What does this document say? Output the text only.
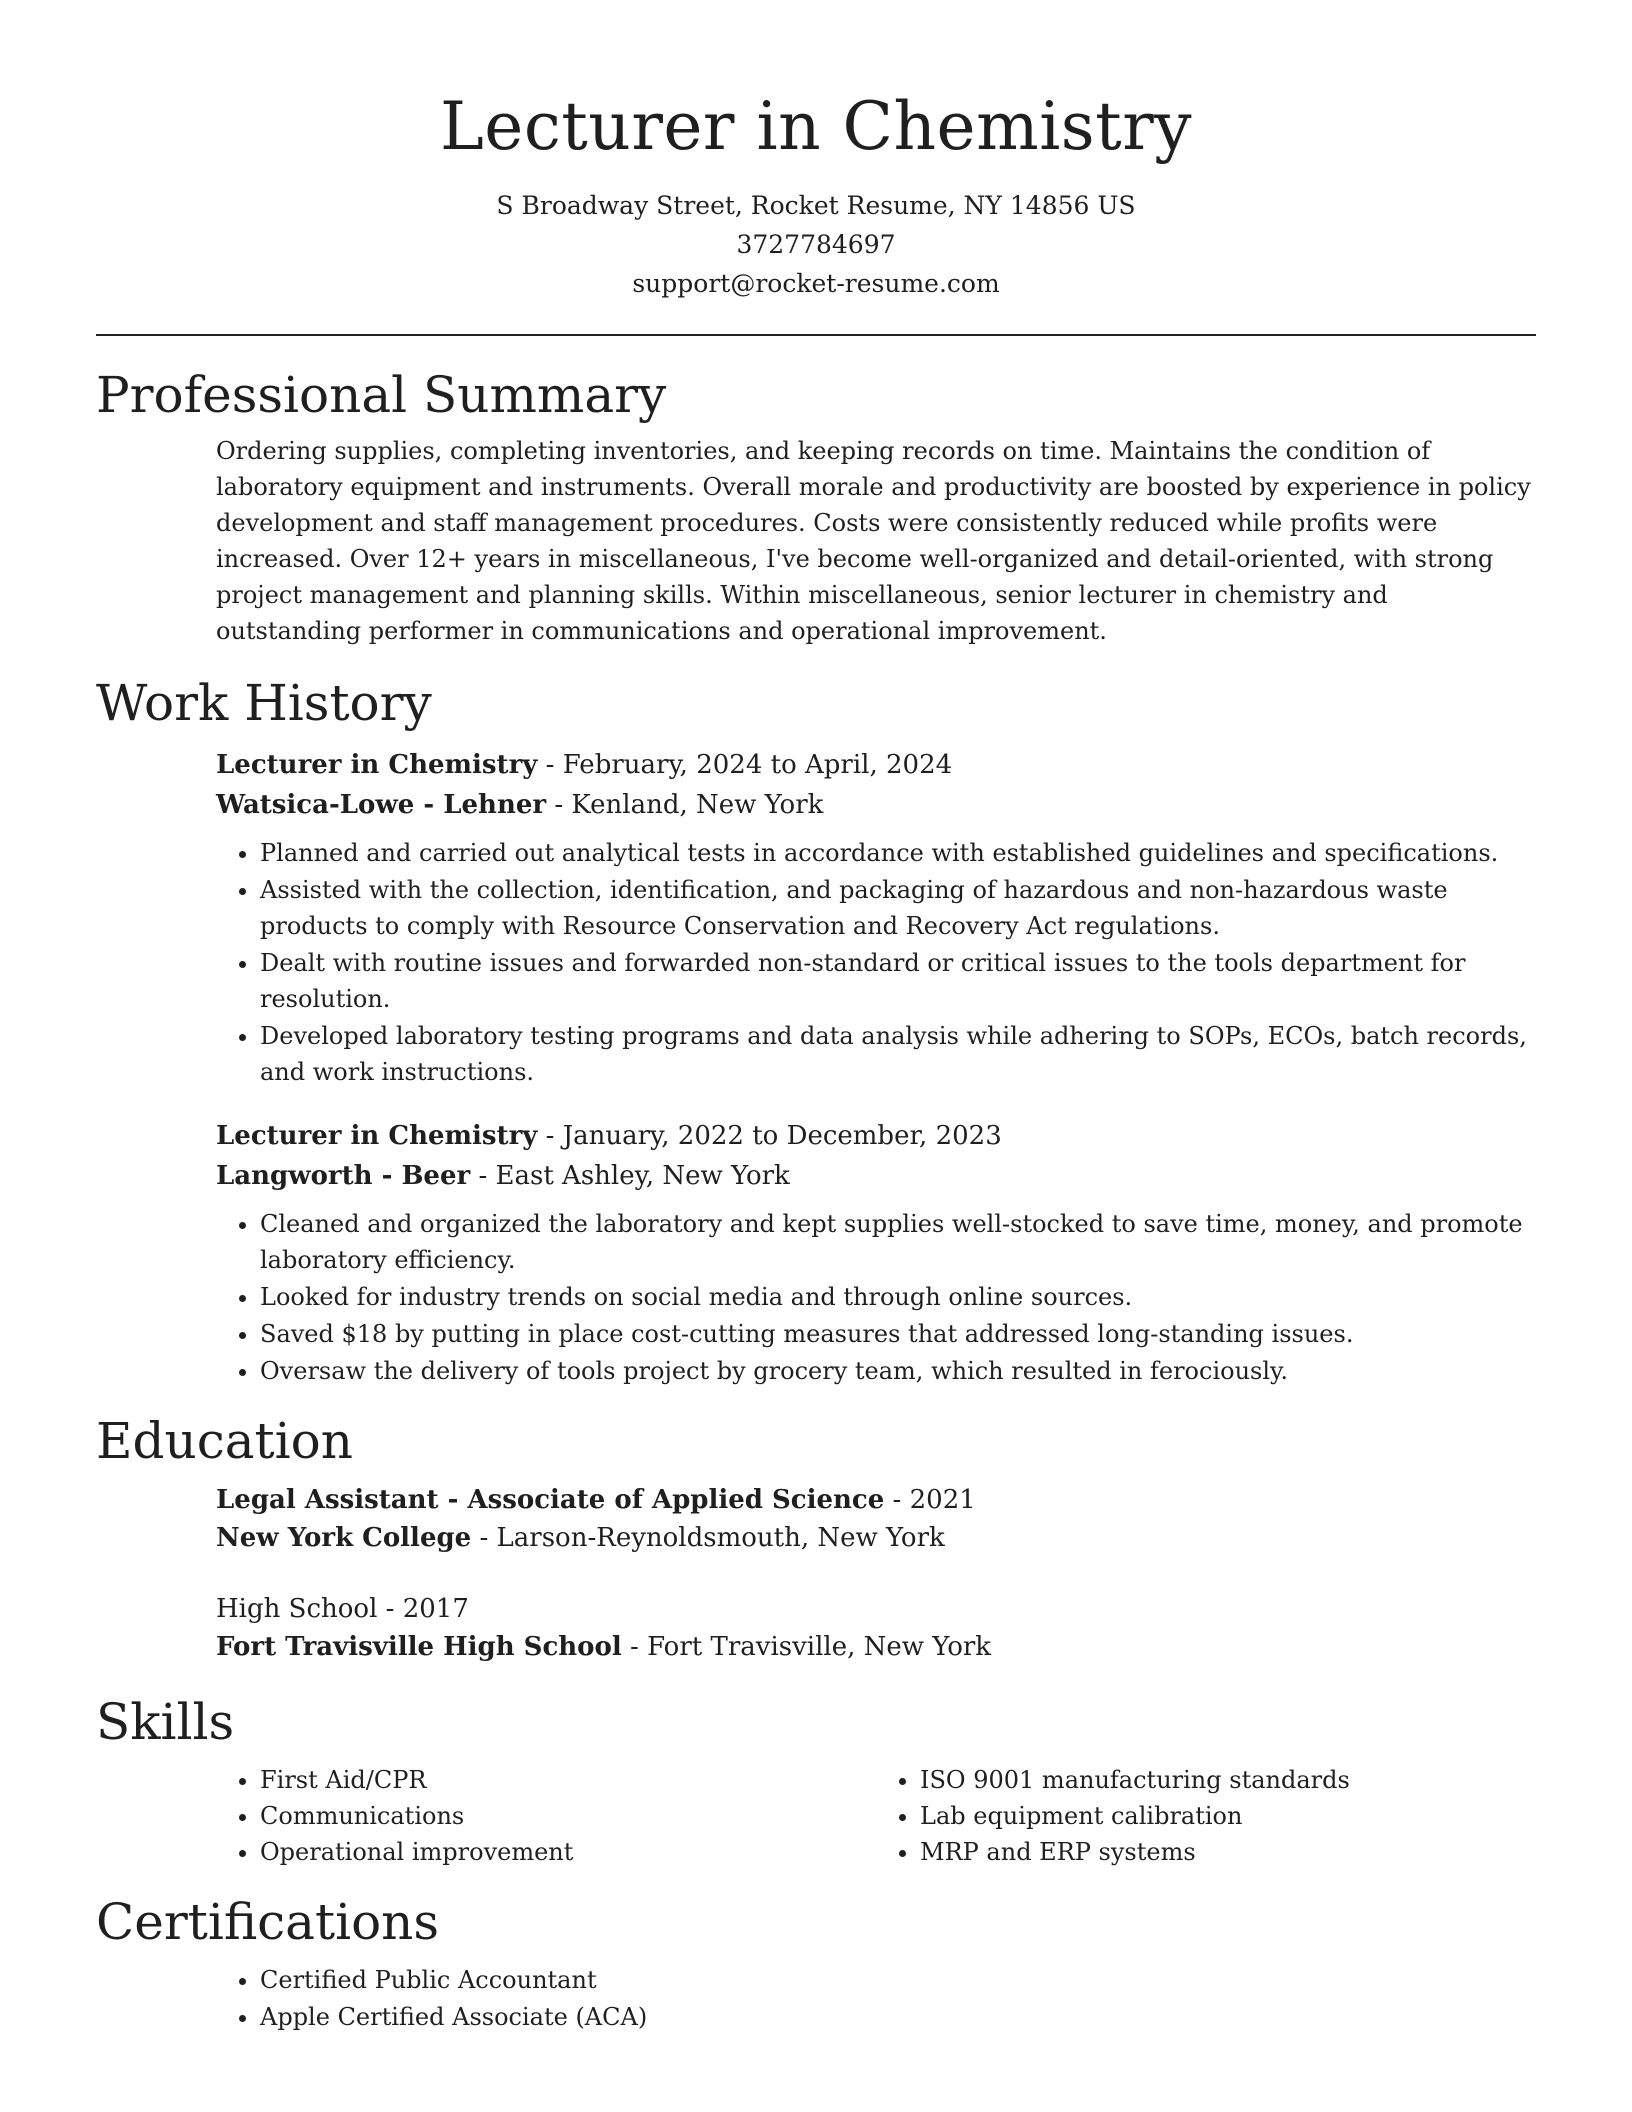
Lecturer in Chemistry
S Broadway Street, Rocket Resume, NY 14856 US
3727784697
support@rocket-resume.com
Professional Summary

Ordering supplies, completing inventories, and keeping records on time. Maintains the condition of laboratory equipment and instruments. Overall morale and productivity are boosted by experience in policy development and staff management procedures. Costs were consistently reduced while profits were increased. Over 12+ years in miscellaneous, I've become well-organized and detail-oriented, with strong project management and planning skills. Within miscellaneous, senior lecturer in chemistry and outstanding performer in communications and operational improvement.

Work History
Lecturer in Chemistry - February, 2024 to April, 2024
Watsica-Lowe - Lehner - Kenland, New York
• Planned and carried out analytical tests in accordance with established guidelines and specifications.
• Assisted with the collection, identification, and packaging of hazardous and non-hazardous waste products to comply with Resource Conservation and Recovery Act regulations.
• Dealt with routine issues and forwarded non-standard or critical issues to the tools department for resolution.
• Developed laboratory testing programs and data analysis while adhering to SOPs, ECOs, batch records, and work instructions.
Lecturer in Chemistry - January, 2022 to December, 2023
Langworth - Beer - East Ashley, New York
• Cleaned and organized the laboratory and kept supplies well-stocked to save time, money, and promote laboratory efficiency.
• Looked for industry trends on social media and through online sources.
• Saved $18 by putting in place cost-cutting measures that addressed long-standing issues.
• Oversaw the delivery of tools project by grocery team, which resulted in ferociously.
Education
Legal Assistant - Associate of Applied Science - 2021
New York College - Larson-Reynoldsmouth, New York
High School - 2017
Fort Travisville High School - Fort Travisville, New York
Skills
• First Aid/CPR
• Communications
• Operational improvement
• ISO 9001 manufacturing standards
• Lab equipment calibration
• MRP and ERP systems
Certifications
• Certified Public Accountant
• Apple Certified Associate (ACA)
